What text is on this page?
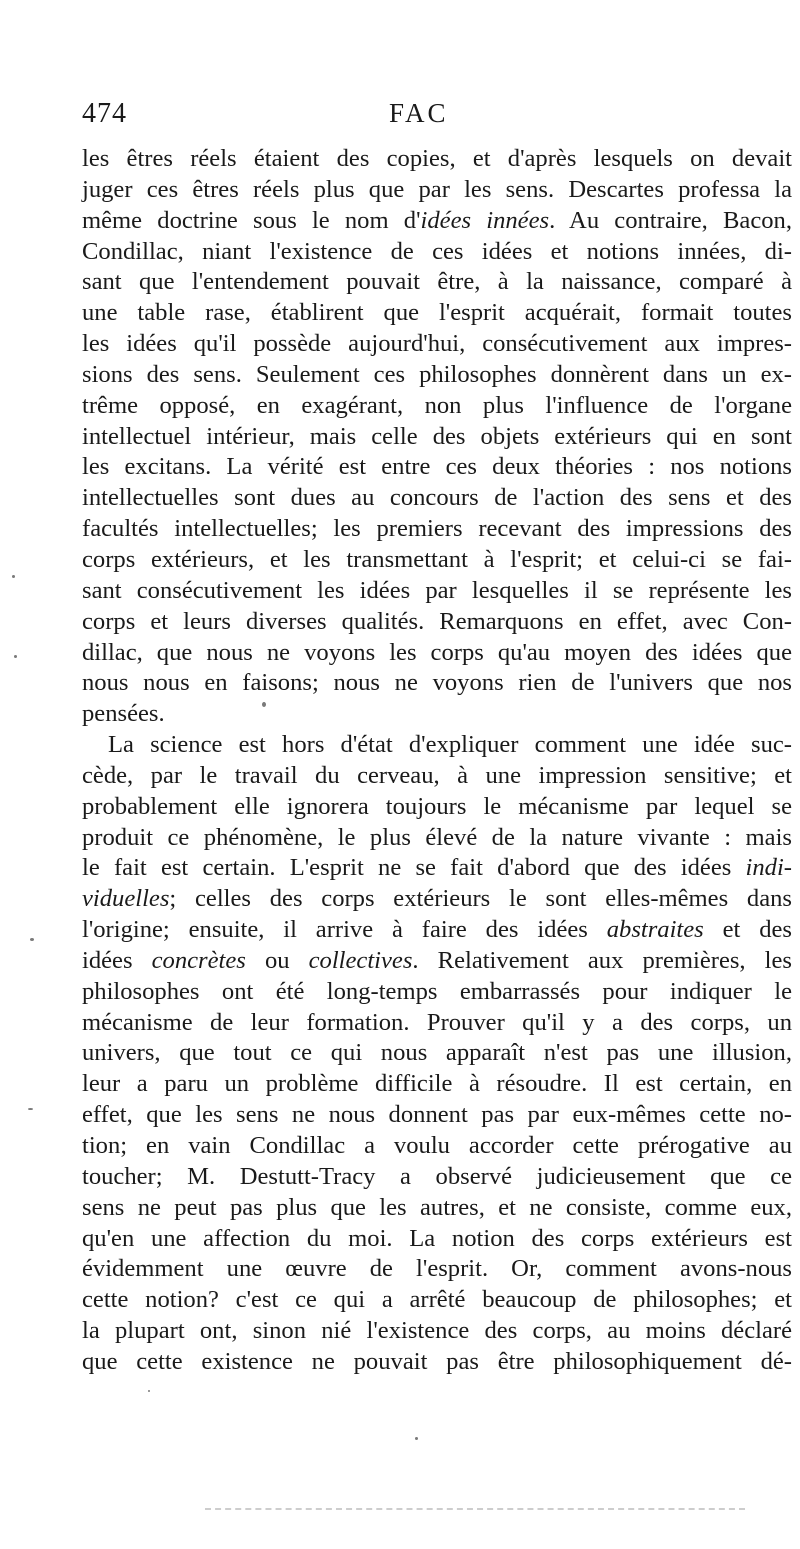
474	FAC
les êtres réels étaient des copies, et d'après lesquels on devait
juger ces êtres réels plus que par les sens. Descartes professa la
même doctrine sous le nom d'idées innées. Au contraire, Bacon,
Condillac, niant l'existence de ces idées et notions innées, di-
sant que l'entendement pouvait être, à la naissance, comparé à
une table rase, établirent que l'esprit acquérait, formait toutes
les idées qu'il possède aujourd'hui, consécutivement aux impres-
sions des sens. Seulement ces philosophes donnèrent dans un ex-
trême opposé, en exagérant, non plus l'influence de l'organe
intellectuel intérieur, mais celle des objets extérieurs qui en sont
les excitans. La vérité est entre ces deux théories : nos notions
intellectuelles sont dues au concours de l'action des sens et des
facultés intellectuelles; les premiers recevant des impressions des
corps extérieurs, et les transmettant à l'esprit; et celui-ci se fai-
sant consécutivement les idées par lesquelles il se représente les
corps et leurs diverses qualités. Remarquons en effet, avec Con-
dillac, que nous ne voyons les corps qu'au moyen des idées que
nous nous en faisons; nous ne voyons rien de l'univers que nos
pensées.
La science est hors d'état d'expliquer comment une idée suc-
cède, par le travail du cerveau, à une impression sensitive; et
probablement elle ignorera toujours le mécanisme par lequel se
produit ce phénomène, le plus élevé de la nature vivante : mais
le fait est certain. L'esprit ne se fait d'abord que des idées indi-
viduelles; celles des corps extérieurs le sont elles-mêmes dans
l'origine; ensuite, il arrive à faire des idées abstraites et des
idées concrètes ou collectives. Relativement aux premières, les
philosophes ont été long-temps embarrassés pour indiquer le
mécanisme de leur formation. Prouver qu'il y a des corps, un
univers, que tout ce qui nous apparaît n'est pas une illusion,
leur a paru un problème difficile à résoudre. Il est certain, en
effet, que les sens ne nous donnent pas par eux-mêmes cette no-
tion; en vain Condillac a voulu accorder cette prérogative au
toucher; M. Destutt-Tracy a observé judicieusement que ce
sens ne peut pas plus que les autres, et ne consiste, comme eux,
qu'en une affection du moi. La notion des corps extérieurs est
évidemment une œuvre de l'esprit. Or, comment avons-nous
cette notion? c'est ce qui a arrêté beaucoup de philosophes; et
la plupart ont, sinon nié l'existence des corps, au moins déclaré
que cette existence ne pouvait pas être philosophiquement dé-
